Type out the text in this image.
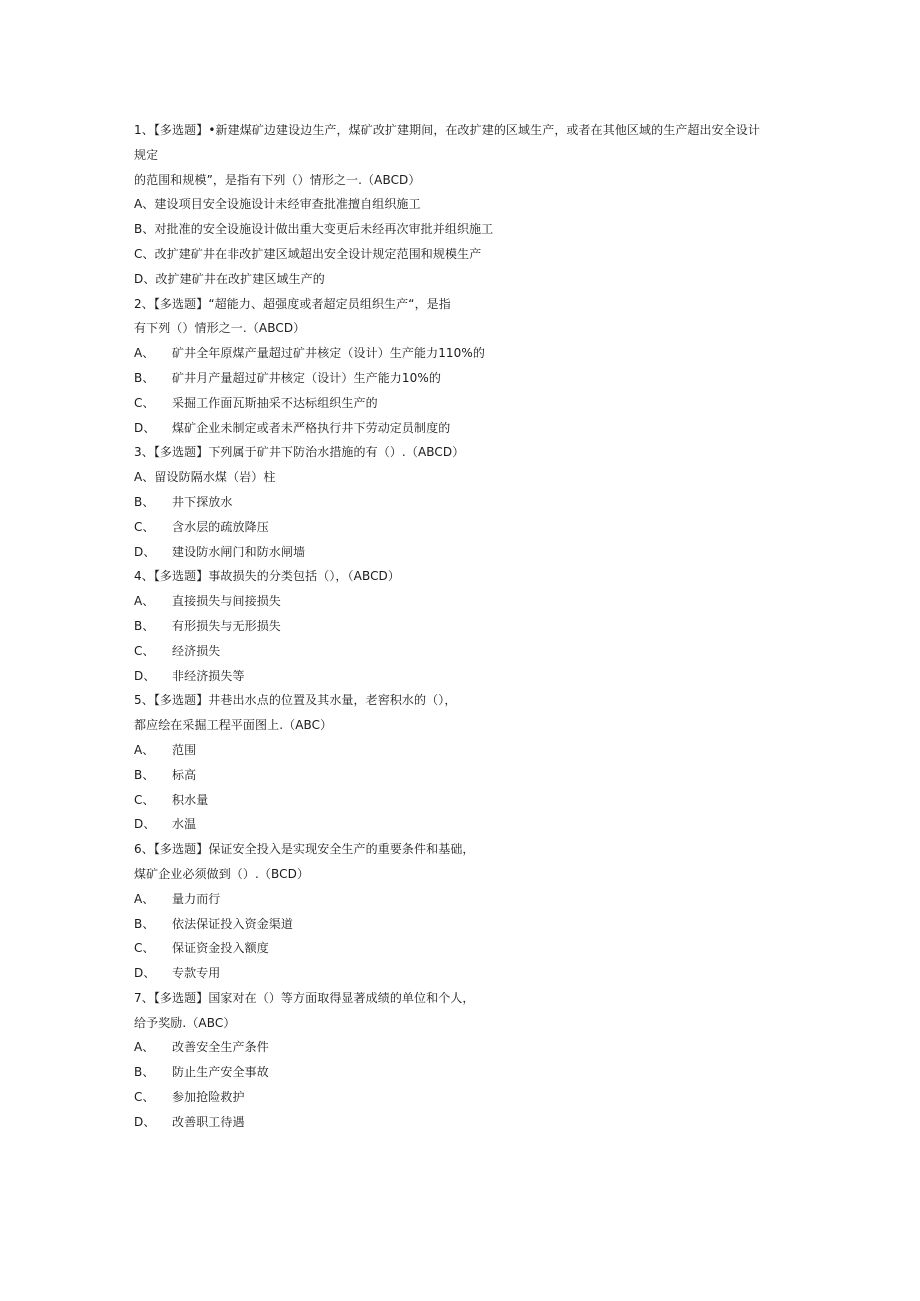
1、【多选题】•新建煤矿边建设边生产，煤矿改扩建期间，在改扩建的区域生产，或者在其他区域的生产超出安全设计
规定
的范围和规模”，是指有下列（）情形之一.（ABCD）
A、 建设项目安全设施设计未经审查批准擅自组织施工
B、 对批准的安全设施设计做出重大变更后未经再次审批并组织施工
C、 改扩建矿井在非改扩建区域超出安全设计规定范围和规模生产
D、 改扩建矿井在改扩建区域生产的
2、【多选题】“超能力、超强度或者超定员组织生产“，是指
有下列（）情形之一.（ABCD）
A、	矿井全年原煤产量超过矿井核定（设计）生产能力110%的
B、	矿井月产量超过矿井核定（设计）生产能力10%的
C、	采掘工作面瓦斯抽采不达标组织生产的
D、	煤矿企业未制定或者未严格执行井下劳动定员制度的
3、【多选题】下列属于矿井下防治水措施的有（）.（ABCD）
A、 留设防隔水煤（岩）柱
B、	井下探放水
C、	含水层的疏放降压
D、	建设防水闸门和防水闸墙
4、【多选题】事故损失的分类包括（），（ABCD）
A、	直接损失与间接损失
B、	有形损失与无形损失
C、	经济损失
D、	非经济损失等
5、【多选题】井巷出水点的位置及其水量，老窖积水的（），
都应绘在采掘工程平面图上.（ABC）
A、	范围
B、	标高
C、	积水量
D、	水温
6、【多选题】保证安全投入是实现安全生产的重要条件和基础，
煤矿企业必须做到（）.（BCD）
A、	量力而行
B、	依法保证投入资金渠道
C、	保证资金投入额度
D、	专款专用
7、【多选题】国家对在（）等方面取得显著成绩的单位和个人，
给予奖励.（ABC）
A、	改善安全生产条件
B、	防止生产安全事故
C、	参加抢险救护
D、	改善职工待遇
